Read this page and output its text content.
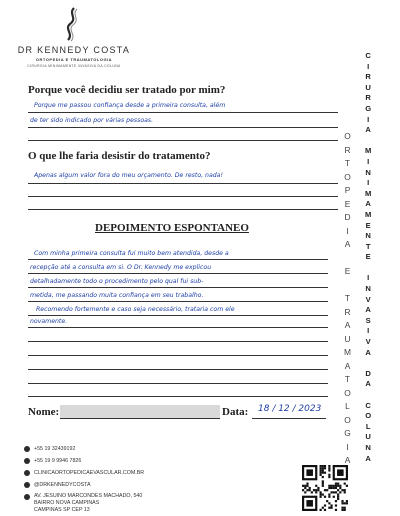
DR KENNEDY COSTA
ORTOPEDIA E TRAUMATOLOGIA
CIRURGIA MINIMAMENTE INVASIVA DA COLUNA
Porque você decidiu ser tratado por mim?
Porque me passou confiança desde a primeira consulta, além
de ter sido indicado por várias pessoas.
O que lhe faria desistir do tratamento?
Apenas algum valor fora do meu orçamento. De resto, nada!
DEPOIMENTO ESPONTANEO
Com minha primeira consulta fui muito bem atendida, desde a
recepção até a consulta em si. O Dr. Kennedy me explicou
detalhadamente todo o procedimento pelo qual fui sub-
metida, me passando muita confiança em seu trabalho.
Recomendo fortemente e caso seja necessário, trataria com ele
novamente.
Nome:	Data: 18 / 12 / 2023
C
I
R
U
R
G
I
A

M
I
N
I
M
A
M
E
N
T
E

I
N
V
A
S
I
V
A

D
A

C
O
L
U
N
A
O
R
T
O
P
E
D
I
A

E

T
R
A
U
M
A
T
O
L
O
G
I
A
+55 19 32439192
+55 19 9 9946 7826
CLINICAORTOPEDICAEVASCULAR.COM.BR
@DRKENNEDYCOSTA
AV. JESUINO MARCONDES MACHADO, 540
BAIRRO NOVA CAMPINAS
CAMPINAS SP CEP 13
